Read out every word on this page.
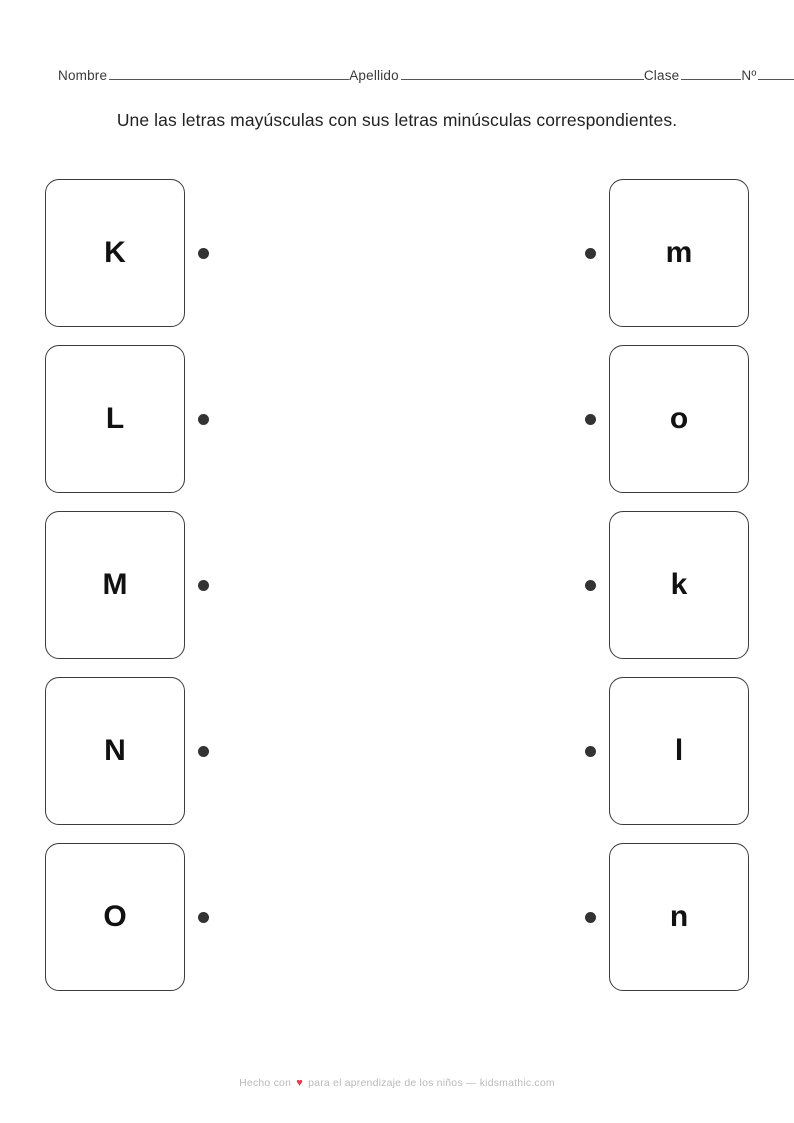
Nombre	Apellido	Clase	Nº
Une las letras mayúsculas con sus letras minúsculas correspondientes.
K	m
L	o
M	k
N	l
O	n
Hecho con ♥ para el aprendizaje de los niños — kidsmathic.com
